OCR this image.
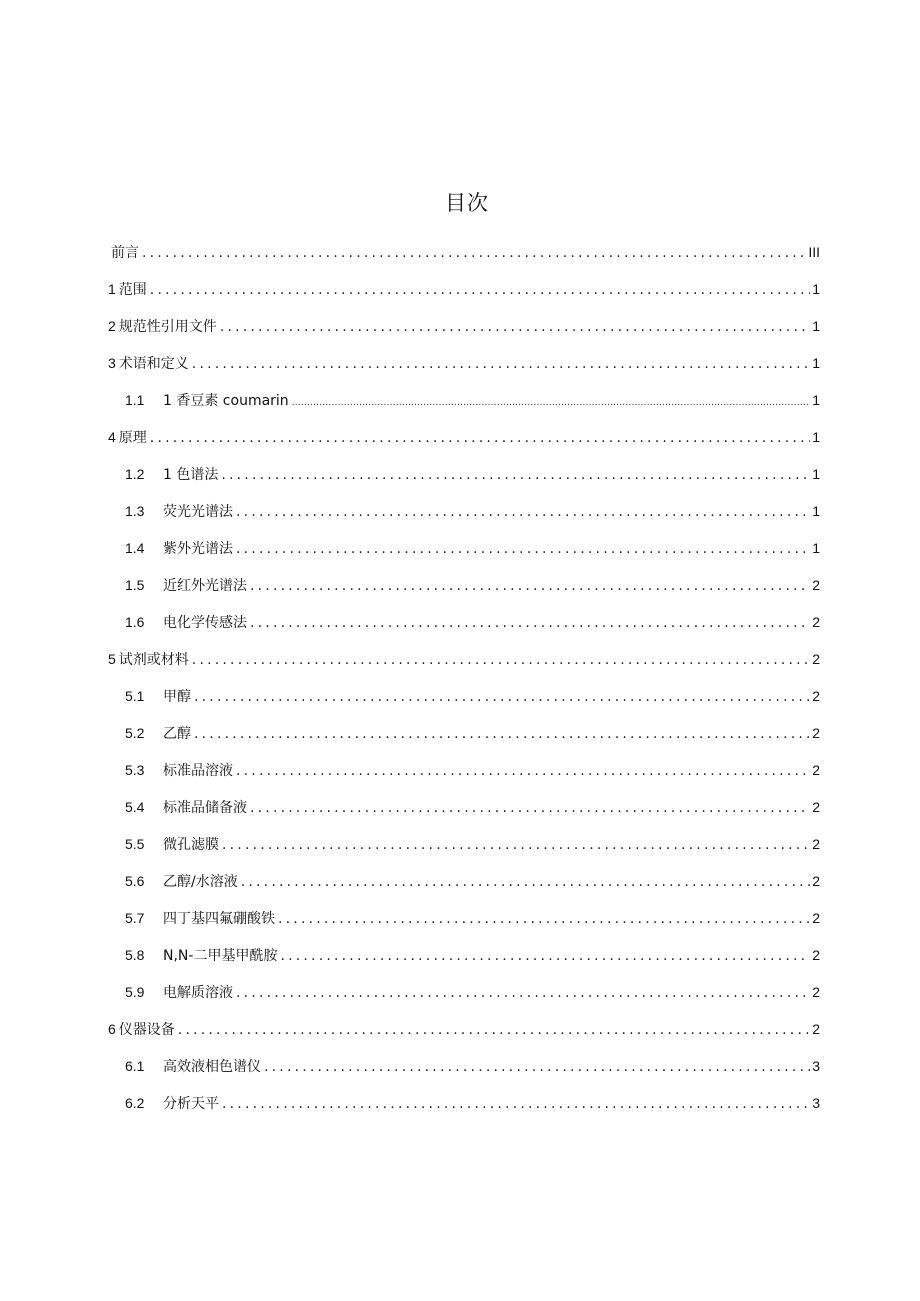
目次
前言 .....	III
1 范围 .....	1
2 规范性引用文件 .....	1
3 术语和定义 .....	1
1.1	1 香豆素 coumarin .....	1
4 原理 .....	1
1.2	1 色谱法 .....	1
1.3	荧光光谱法 .....	1
1.4	紫外光谱法 .....	1
1.5	近红外光谱法 .....	2
1.6	电化学传感法 .....	2
5 试剂或材料 .....	2
5.1	甲醇 .....	2
5.2	乙醇 .....	2
5.3	标准品溶液 .....	2
5.4	标准品储备液 .....	2
5.5	微孔滤膜 .....	2
5.6	乙醇/水溶液 .....	2
5.7	四丁基四氟硼酸铁 .....	2
5.8	N,N-二甲基甲酰胺 .....	2
5.9	电解质溶液 .....	2
6 仪器设备 .....	2
6.1	高效液相色谱仪 .....	3
6.2	分析天平 .....	3
